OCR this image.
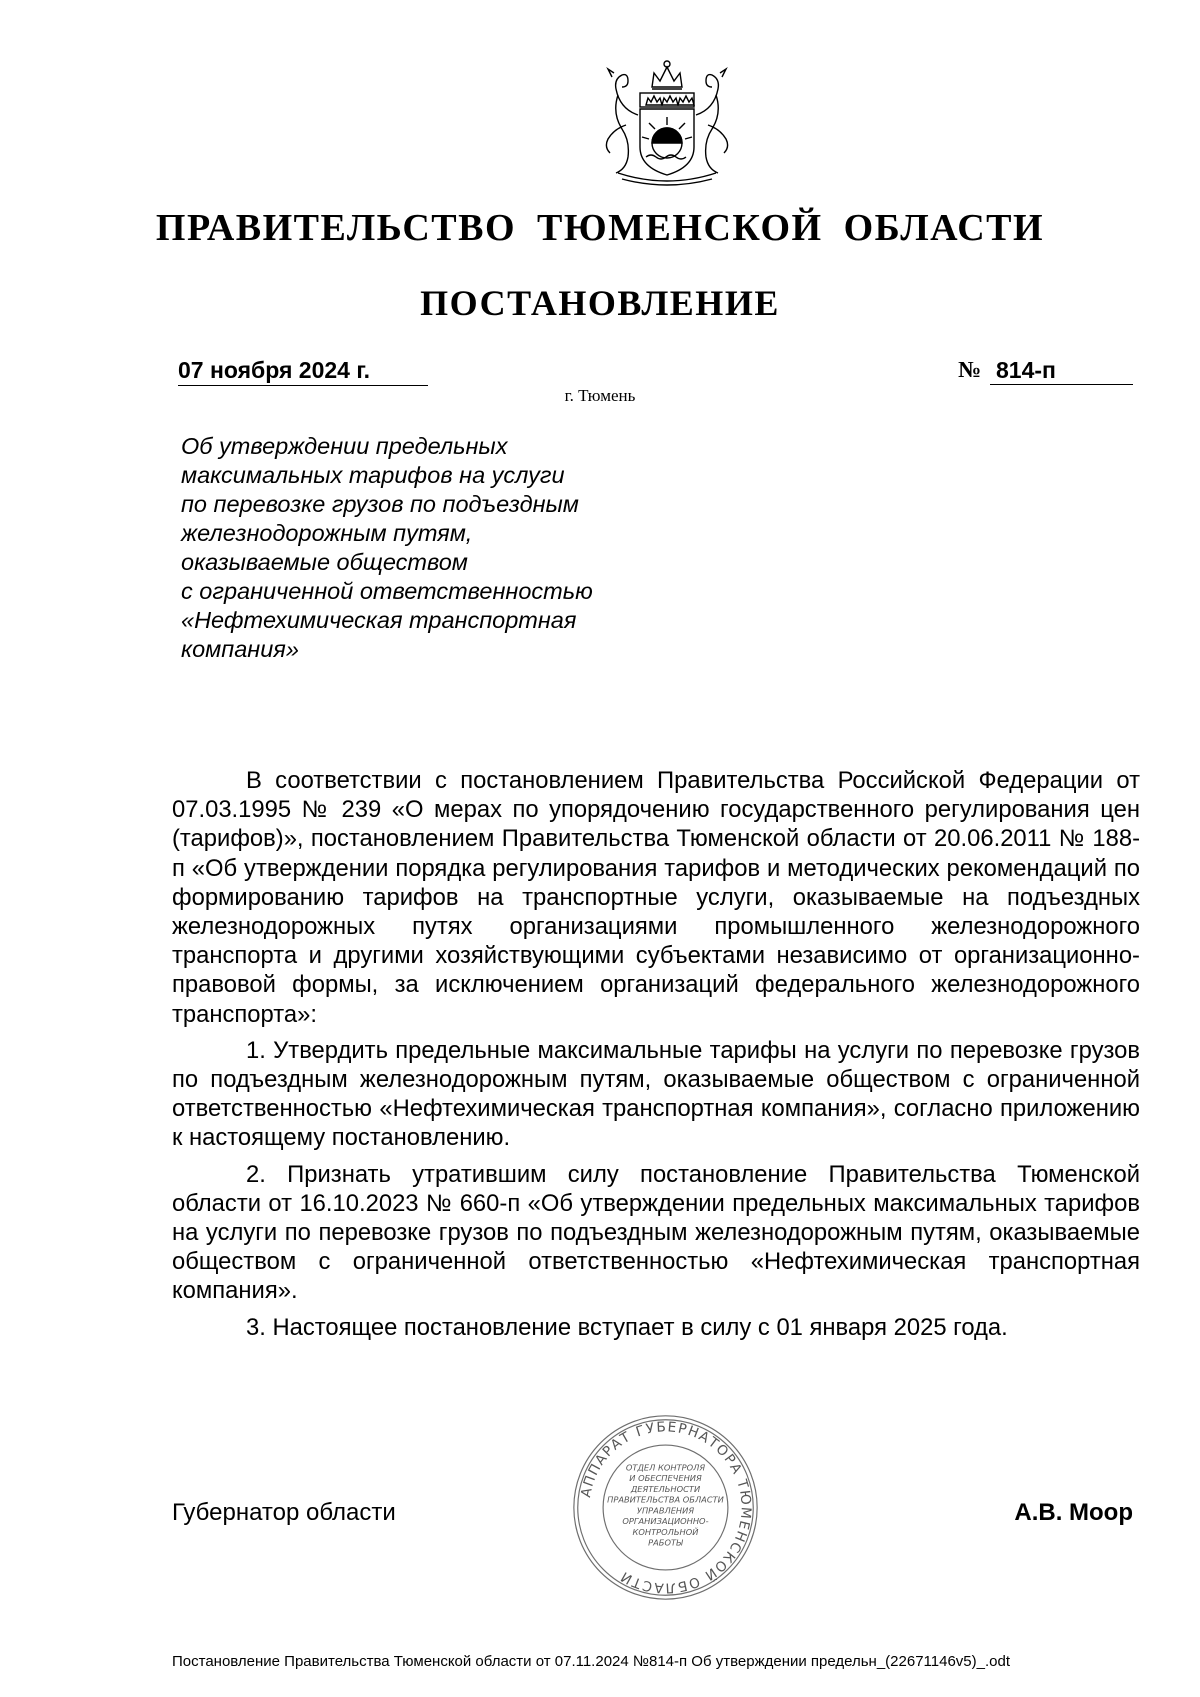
ПРАВИТЕЛЬСТВО ТЮМЕНСКОЙ ОБЛАСТИ
ПОСТАНОВЛЕНИЕ
07 ноября 2024 г.	№ 814-п
г. Тюмень
Об утверждении предельных
максимальных тарифов на услуги
по перевозке грузов по подъездным
железнодорожным путям,
оказываемые обществом
с ограниченной ответственностью
«Нефтехимическая транспортная
компания»

В соответствии с постановлением Правительства Российской Федерации от 07.03.1995 № 239 «О мерах по упорядочению государственного регулирования цен (тарифов)», постановлением Правительства Тюменской области от 20.06.2011 № 188-п «Об утверждении порядка регулирования тарифов и методических рекомендаций по формированию тарифов на транспортные услуги, оказываемые на подъездных железнодорожных путях организациями промышленного железнодорожного транспорта и другими хозяйствующими субъектами независимо от организационно-правовой формы, за исключением организаций федерального железнодорожного транспорта»:

1. Утвердить предельные максимальные тарифы на услуги по перевозке грузов по подъездным железнодорожным путям, оказываемые обществом с ограниченной ответственностью «Нефтехимическая транспортная компания», согласно приложению к настоящему постановлению.

2. Признать утратившим силу постановление Правительства Тюменской области от 16.10.2023 № 660-п «Об утверждении предельных максимальных тарифов на услуги по перевозке грузов по подъездным железнодорожным путям, оказываемые обществом с ограниченной ответственностью «Нефтехимическая транспортная компания».

3. Настоящее постановление вступает в силу с 01 января 2025 года.

Губернатор области
АППАРАТ ГУБЕРНАТОРА ТЮМЕНСКОЙ ОБЛАСТИ
ОТДЕЛ КОНТРОЛЯ
И ОБЕСПЕЧЕНИЯ
ДЕЯТЕЛЬНОСТИ
ПРАВИТЕЛЬСТВА ОБЛАСТИ
УПРАВЛЕНИЯ
ОРГАНИЗАЦИОННО-
КОНТРОЛЬНОЙ
РАБОТЫ
А.В. Моор
Постановление Правительства Тюменской области от 07.11.2024 №814-п Об утверждении предельн_(22671146v5)_.odt
